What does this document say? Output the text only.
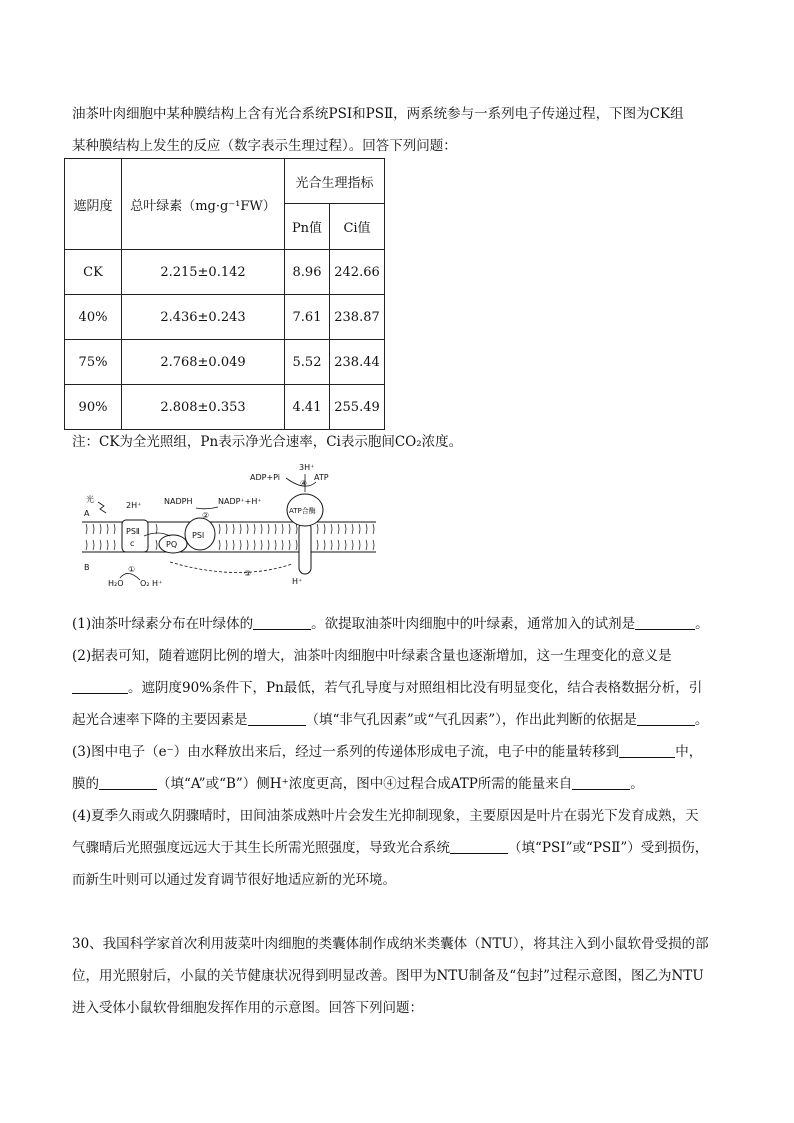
油茶叶肉细胞中某种膜结构上含有光合系统PSⅠ和PSⅡ，两系统参与一系列电子传递过程，下图为CK组
某种膜结构上发生的反应（数字表示生理过程）。回答下列问题：
遮阴度	总叶绿素（mg·g⁻¹FW）	光合生理指标	
		Pn值	Ci值
CK	2.215±0.142	8.96	242.66
40%	2.436±0.243	7.61	238.87
75%	2.768±0.049	5.52	238.44
90%	2.808±0.353	4.41	255.49
注：CK为全光照组，Pn表示净光合速率，Ci表示胞间CO₂浓度。
PSⅡ
c	PQ
PSⅠ
ATP合酶
A
B
光
2H⁺	NADPH	NADP⁺+H⁺
②
ADP+Pi	ATP
3H⁺
④
H₂O O₂ H⁺
①	③
H⁺
(1)油茶叶绿素分布在叶绿体的	。欲提取油茶叶肉细胞中的叶绿素，通常加入的试剂是	。
(2)据表可知，随着遮阴比例的增大，油茶叶肉细胞中叶绿素含量也逐渐增加，这一生理变化的意义是
。遮阴度90%条件下，Pn最低，若气孔导度与对照组相比没有明显变化，结合表格数据分析，引
起光合速率下降的主要因素是	（填“非气孔因素”或“气孔因素”），作出此判断的依据是	。
(3)图中电子（e⁻）由水释放出来后，经过一系列的传递体形成电子流，电子中的能量转移到	中，
膜的	（填“A”或“B”）侧H⁺浓度更高，图中④过程合成ATP所需的能量来自	。
(4)夏季久雨或久阴骤晴时，田间油茶成熟叶片会发生光抑制现象，主要原因是叶片在弱光下发育成熟，天
气骤晴后光照强度远远大于其生长所需光照强度，导致光合系统	（填“PSⅠ”或“PSⅡ”）受到损伤，
而新生叶则可以通过发育调节很好地适应新的光环境。
30、我国科学家首次利用菠菜叶肉细胞的类囊体制作成纳米类囊体（NTU），将其注入到小鼠软骨受损的部
位，用光照射后，小鼠的关节健康状况得到明显改善。图甲为NTU制备及“包封”过程示意图，图乙为NTU
进入受体小鼠软骨细胞发挥作用的示意图。回答下列问题：
